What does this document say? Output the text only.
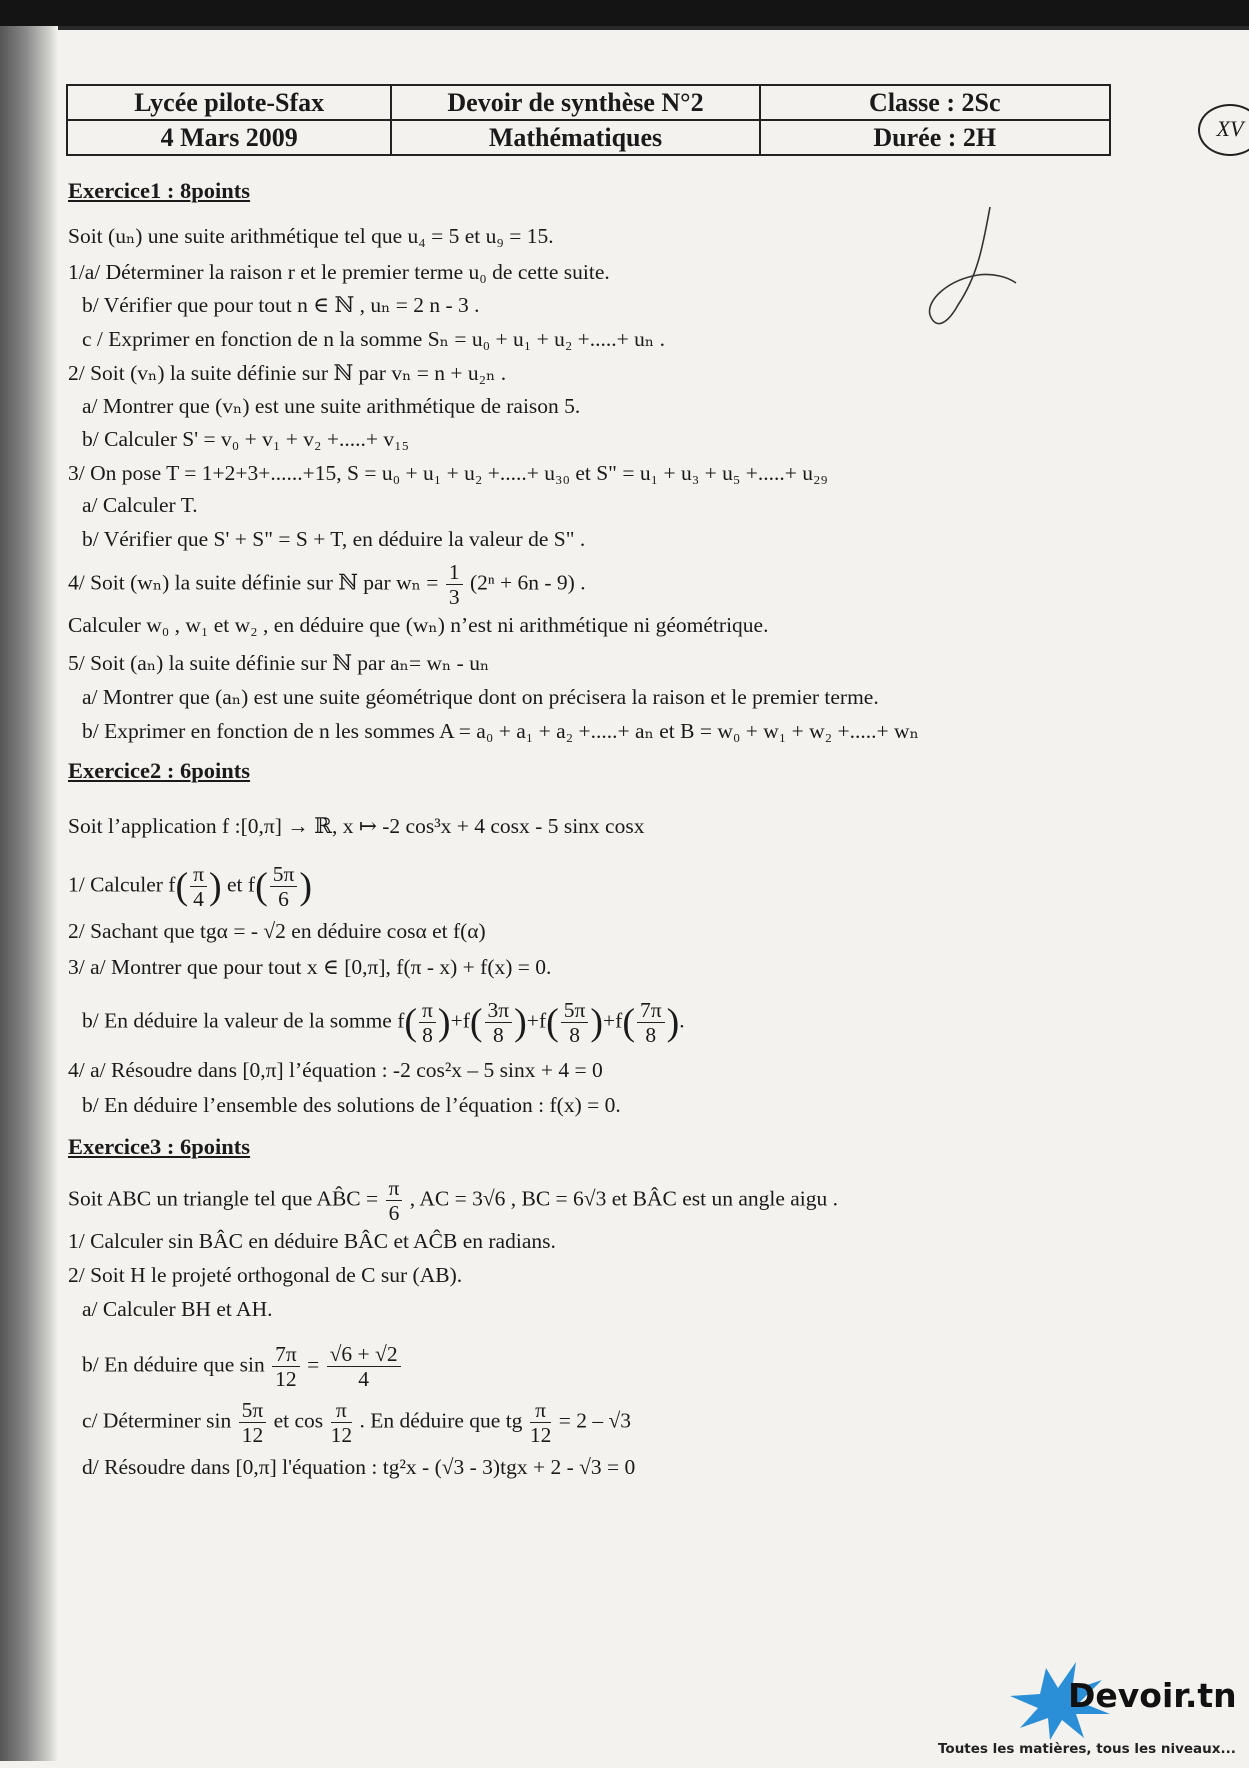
Lycée pilote-Sfax	Devoir de synthèse N°2	Classe : 2Sc
4 Mars 2009	Mathématiques	Durée : 2H	XV
Exercice1 : 8points
Soit (uₙ) une suite arithmétique tel que u₄ = 5 et u₉ = 15.
1/a/ Déterminer la raison r et le premier terme u₀ de cette suite.
b/ Vérifier que pour tout n ∈ ℕ , uₙ = 2 n - 3 .
c / Exprimer en fonction de n la somme Sₙ = u₀ + u₁ + u₂ +.....+ uₙ .
2/ Soit (vₙ) la suite définie sur ℕ par vₙ = n + u₂ₙ .
a/ Montrer que (vₙ) est une suite arithmétique de raison 5.
b/ Calculer S' = v₀ + v₁ + v₂ +.....+ v₁₅
3/ On pose T = 1+2+3+......+15, S = u₀ + u₁ + u₂ +.....+ u₃₀ et S" = u₁ + u₃ + u₅ +.....+ u₂₉
a/ Calculer T.
b/ Vérifier que S' + S" = S + T, en déduire la valeur de S" .
4/ Soit (wₙ) la suite définie sur ℕ par $w_n = \frac{1}{3} (2^n + 6n - 9)$ .
Calculer w₀ , w₁ et w₂ , en déduire que (wₙ) n’est ni arithmétique ni géométrique.
5/ Soit (aₙ) la suite définie sur ℕ par aₙ= wₙ - uₙ
a/ Montrer que (aₙ) est une suite géométrique dont on précisera la raison et le premier terme.
b/ Exprimer en fonction de n les sommes A = a₀ + a₁ + a₂ +.....+ aₙ et B = w₀ + w₁ + w₂ +.....+ wₙ
Exercice2 : 6points
Soit l’application f :[0,π] → ℝ, x ↦ -2 cos³x + 4 cosx - 5 sinx cosx
1/ Calculer $f( \frac{\pi}{4}$ ) et $f( \frac{5\pi}{6}$ )
2/ Sachant que tgα = - √2 en déduire cosα et f(α)
3/ a/ Montrer que pour tout x ∈ [0,π], f(π - x) + f(x) = 0.
b/ En déduire la valeur de la somme $f( \frac{\pi}{8} )+f( \frac{3\pi}{8} )+f( \frac{5\pi}{8} )+f( \frac{7\pi}{8}$ ).
4/ a/ Résoudre dans [0,π] l’équation : -2 cos²x – 5 sinx + 4 = 0
b/ En déduire l’ensemble des solutions de l’équation : f(x) = 0.
Exercice3 : 6points
Soit ABC un triangle tel que AB̂C = $\frac{\pi}{6}$ , AC = 3√6 , BC = 6√3 et BÂC est un angle aigu .
1/ Calculer sin BÂC en déduire BÂC et AĈB en radians.
2/ Soit H le projeté orthogonal de C sur (AB).
a/ Calculer BH et AH.
b/ En déduire que $\sin \frac{7\pi}{12} = \frac{√6 + √2}{4}$
c/ Déterminer $\sin \frac{5\pi}{12}$ et $\cos \frac{\pi}{12}$ . En déduire que tg $\frac{\pi}{12} = 2 - √3$
d/ Résoudre dans [0,π] l'équation : tg²x - (√3 - 3)tgx + 2 - √3 = 0
Devoir.tn
Toutes les matières, tous les niveaux...
